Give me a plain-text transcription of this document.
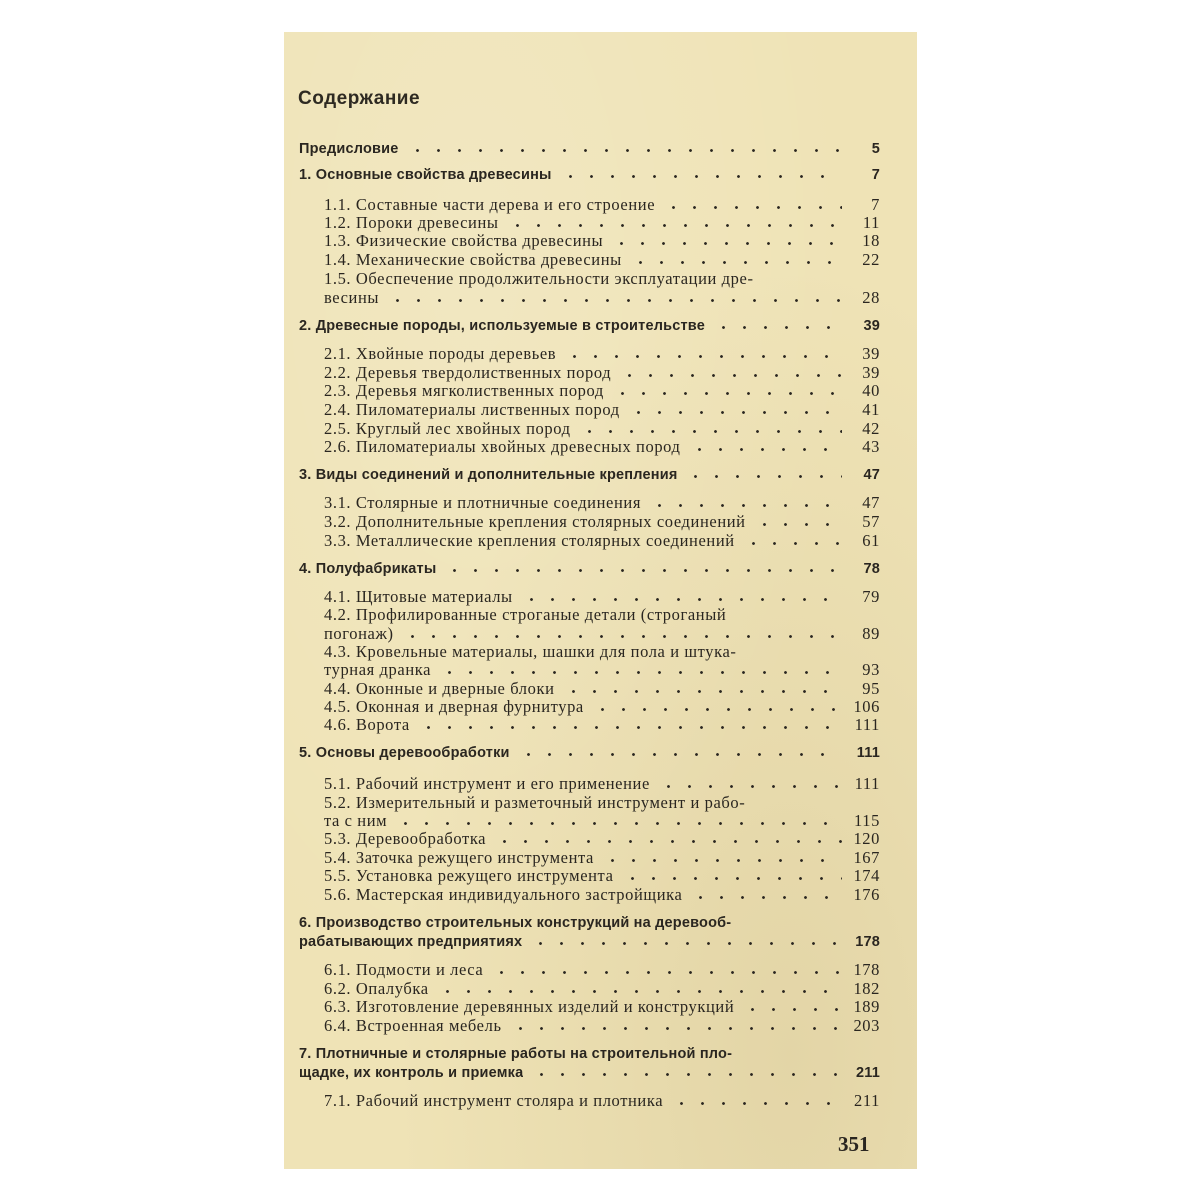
Содержание
Предисловие	5
1. Основные свойства древесины	7
1.1. Составные части дерева и его строение	7
1.2. Пороки древесины	11
1.3. Физические свойства древесины	18
1.4. Механические свойства древесины	22
1.5. Обеспечение продолжительности эксплуатации дре-
весины	28
2. Древесные породы, используемые в строительстве	39
2.1. Хвойные породы деревьев	39
2.2. Деревья твердолиственных пород	39
2.3. Деревья мягколиственных пород	40
2.4. Пиломатериалы лиственных пород	41
2.5. Круглый лес хвойных пород	42
2.6. Пиломатериалы хвойных древесных пород	43
3. Виды соединений и дополнительные крепления	47
3.1. Столярные и плотничные соединения	47
3.2. Дополнительные крепления столярных соединений	57
3.3. Металлические крепления столярных соединений	61
4. Полуфабрикаты	78
4.1. Щитовые материалы	79
4.2. Профилированные строганые детали (строганый
погонаж)	89
4.3. Кровельные материалы, шашки для пола и штука-
турная дранка	93
4.4. Оконные и дверные блоки	95
4.5. Оконная и дверная фурнитура	106
4.6. Ворота	111
5. Основы деревообработки	111
5.1. Рабочий инструмент и его применение	111
5.2. Измерительный и разметочный инструмент и рабо-
та с ним	115
5.3. Деревообработка	120
5.4. Заточка режущего инструмента	167
5.5. Установка режущего инструмента	174
5.6. Мастерская индивидуального застройщика	176
6. Производство строительных конструкций на деревооб-
рабатывающих предприятиях	178
6.1. Подмости и леса	178
6.2. Опалубка	182
6.3. Изготовление деревянных изделий и конструкций	189
6.4. Встроенная мебель	203
7. Плотничные и столярные работы на строительной пло-
щадке, их контроль и приемка	211
7.1. Рабочий инструмент столяра и плотника	211
351
